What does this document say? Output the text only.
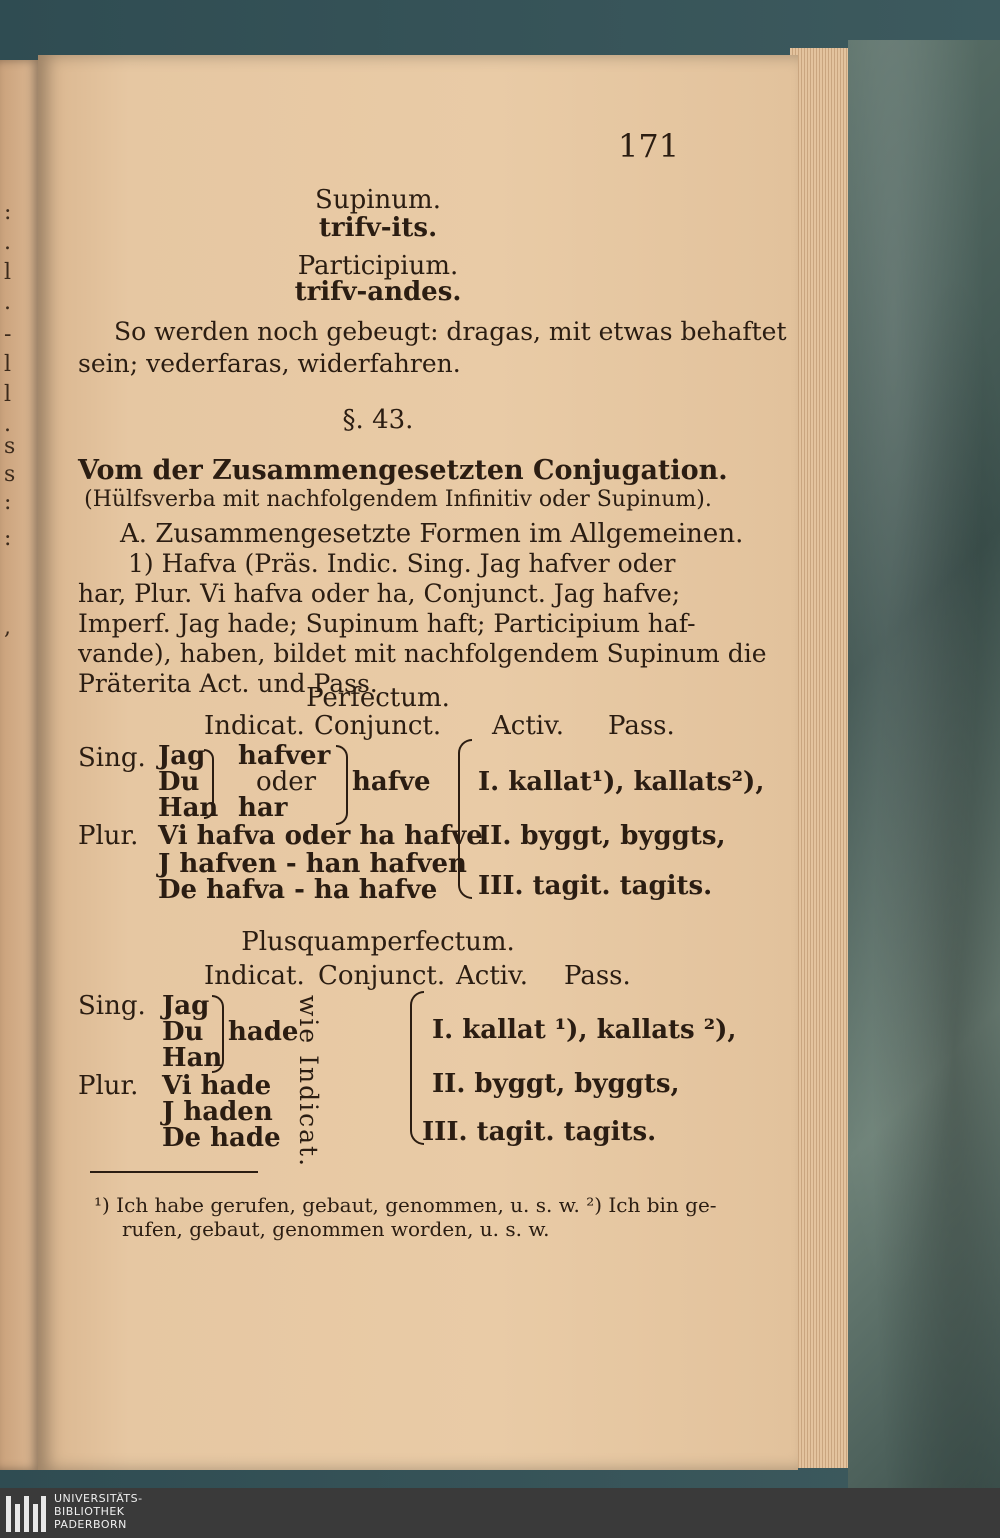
:
.
l
.
-
l
l
.
s
s
:
:
,
171
Supinum.
trifv-its.
Participium.
trifv-andes.
So werden noch gebeugt: dragas, mit etwas behaftet
sein; vederfaras, widerfahren.
§. 43.
Vom der Zusammengesetzten Conjugation.
(Hülfsverba mit nachfolgendem Infinitiv oder Supinum).
A. Zusammengesetzte Formen im Allgemeinen.
1) Hafva (Präs. Indic. Sing. Jag hafver oder
har, Plur. Vi hafva oder ha, Conjunct. Jag hafve;
Imperf. Jag hade; Supinum haft; Participium haf-
vande), haben, bildet mit nachfolgendem Supinum die
Präterita Act. und Pass.
Perfectum.
Indicat. Conjunct. Activ. Pass.
Sing. Jag
Du
Han
hafver
oder
har
hafve
Plur. Vi hafva oder ha hafve
J hafven - han hafven
De hafva - ha hafve
I. kallat¹), kallats²),
II. byggt, byggts,
III. tagit. tagits.
Plusquamperfectum.
Indicat. Conjunct. Activ. Pass.
Sing. Jag
Du
Han
hade
Plur. Vi hade
J haden
De hade wie Indicat.	I. kallat ¹), kallats ²),
II. byggt, byggts,
III. tagit. tagits.
¹) Ich habe gerufen, gebaut, genommen, u. s. w. ²) Ich bin ge-
rufen, gebaut, genommen worden, u. s. w.
UNIVERSITÄTS-
BIBLIOTHEK
PADERBORN
